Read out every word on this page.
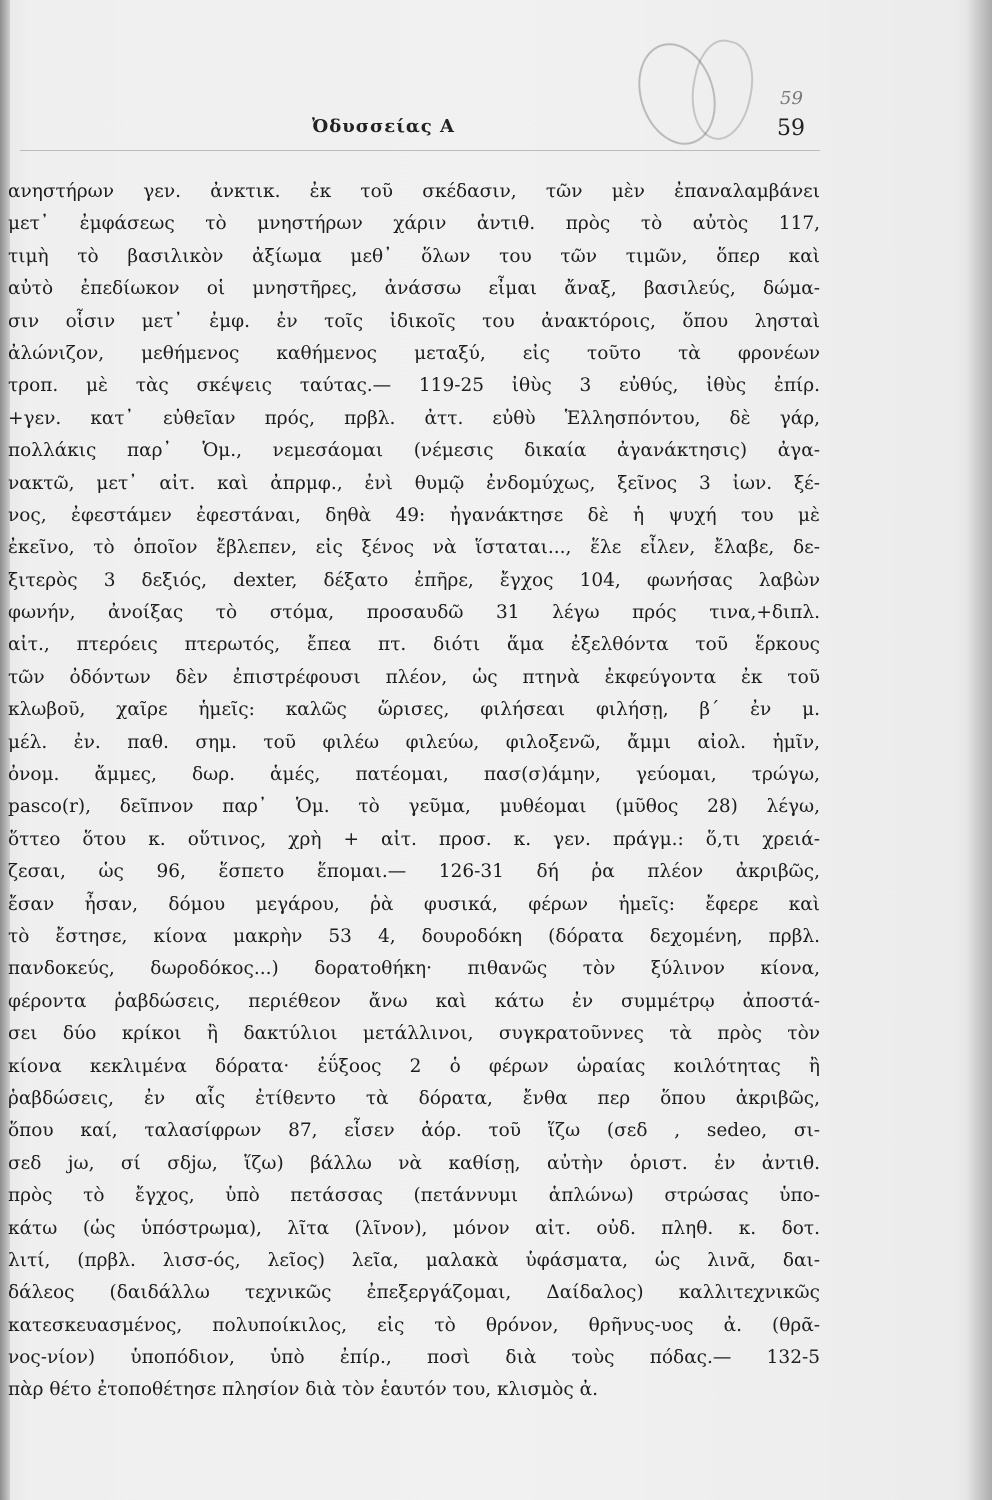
59
Ὀδυσσείας Α	59
ανηστήρων γεν. ἀνκτικ. ἐκ τοῦ σκέδασιν, τῶν μὲν ἐπαναλαμβάνει
μετ᾽ ἐμφάσεως τὸ μνηστήρων χάριν ἀντιθ. πρὸς τὸ αὐτὸς 117,
τιμὴ τὸ βασιλικὸν ἀξίωμα μεθ᾽ ὅλων του τῶν τιμῶν, ὅπερ καὶ
αὐτὸ ἐπεδίωκον οἱ μνηστῆρες, ἀνάσσω εἶμαι ἄναξ, βασιλεύς, δώμα-
σιν οἷσιν μετ᾽ ἐμφ. ἐν τοῖς ἰδικοῖς του ἀνακτόροις, ὅπου λησταὶ
ἀλώνιζον, μεθήμενος καθήμενος μεταξύ, εἰς τοῦτο τὰ φρονέων
τροπ. μὲ τὰς σκέψεις ταύτας.— 119-25 ἰθὺς 3 εὐθύς, ἰθὺς ἐπίρ.
+γεν. κατ᾽ εὐθεῖαν πρός, πρβλ. ἀττ. εὐθὺ Ἑλλησπόντου, δὲ γάρ,
πολλάκις παρ᾽ Ὁμ., νεμεσάομαι (νέμεσις δικαία ἀγανάκτησις) ἀγα-
νακτῶ, μετ᾽ αἰτ. καὶ ἀπρμφ., ἐνὶ θυμῷ ἐνδομύχως, ξεῖνος 3 ἰων. ξέ-
νος, ἐφεστάμεν ἐφεστάναι, δηθὰ 49: ἠγανάκτησε δὲ ἡ ψυχή του μὲ
ἐκεῖνο, τὸ ὁποῖον ἔβλεπεν, εἰς ξένος νὰ ἵσταται..., ἕλε εἶλεν, ἔλαβε, δε-
ξιτερὸς 3 δεξιός, dexter, δέξατο ἐπῆρε, ἔγχος 104, φωνήσας λαβὼν
φωνήν, ἀνοίξας τὸ στόμα, προσαυδῶ 31 λέγω πρός τινα,+διπλ.
αἰτ., πτερόεις πτερωτός, ἔπεα πτ. διότι ἅμα ἐξελθόντα τοῦ ἕρκους
τῶν ὀδόντων δὲν ἐπιστρέφουσι πλέον, ὡς πτηνὰ ἐκφεύγοντα ἐκ τοῦ
κλωβοῦ, χαῖρε ἡμεῖς: καλῶς ὥρισες, φιλήσεαι φιλήσῃ, β΄ ἐν μ.
μέλ. ἐν. παθ. σημ. τοῦ φιλέω φιλεύω, φιλοξενῶ, ἄμμι αἰολ. ἡμῖν,
ὀνομ. ἄμμες, δωρ. ἁμές, πατέομαι, πασ(σ)άμην, γεύομαι, τρώγω,
pasco(r), δεῖπνον παρ᾽ Ὁμ. τὸ γεῦμα, μυθέομαι (μῦθος 28) λέγω,
ὅττεο ὅτου κ. οὕτινος, χρὴ + αἰτ. προσ. κ. γεν. πράγμ.: ὅ,τι χρειά-
ζεσαι, ὡς 96, ἕσπετο ἕπομαι.— 126-31 δή ῥα πλέον ἀκριβῶς,
ἔσαν ἦσαν, δόμου μεγάρου, ῥὰ φυσικά, φέρων ἡμεῖς: ἔφερε καὶ
τὸ ἔστησε, κίονα μακρὴν 53 4, δουροδόκη (δόρατα δεχομένη, πρβλ.
πανδοκεύς, δωροδόκος...) δορατοθήκη· πιθανῶς τὸν ξύλινον κίονα,
φέροντα ῥαβδώσεις, περιέθεον ἄνω καὶ κάτω ἐν συμμέτρῳ ἀποστά-
σει δύο κρίκοι ἢ δακτύλιοι μετάλλινοι, συγκρατοῦννες τὰ πρὸς τὸν
κίονα κεκλιμένα δόρατα· ἐΰξοος 2 ὁ φέρων ὡραίας κοιλότητας ἢ
ῥαβδώσεις, ἐν αἷς ἐτίθεντο τὰ δόρατα, ἔνθα περ ὅπου ἀκριβῶς,
ὅπου καί, ταλασίφρων 87, εἷσεν ἀόρ. τοῦ ἵζω (σεδ , sedeo, σι-
σεδ jω, σί σδjω, ἵζω) βάλλω νὰ καθίσῃ, αὐτὴν ὁριστ. ἐν ἀντιθ.
πρὸς τὸ ἔγχος, ὑπὸ πετάσσας (πετάννυμι ἁπλώνω) στρώσας ὑπο-
κάτω (ὡς ὑπόστρωμα), λῖτα (λῖνον), μόνον αἰτ. οὐδ. πληθ. κ. δοτ.
λιτί, (πρβλ. λισσ-ός, λεῖος) λεῖα, μαλακὰ ὑφάσματα, ὡς λινᾶ, δαι-
δάλεος (δαιδάλλω τεχνικῶς ἐπεξεργάζομαι, Δαίδαλος) καλλιτεχνικῶς
κατεσκευασμένος, πολυποίκιλος, εἰς τὸ θρόνον, θρῆνυς-υος ἀ. (θρᾶ-
νος-νίον) ὑποπόδιον, ὑπὸ ἐπίρ., ποσὶ διὰ τοὺς πόδας.— 132-5
πὰρ θέτο ἐτοποθέτησε πλησίον διὰ τὸν ἑαυτόν του, κλισμὸς ἀ.
